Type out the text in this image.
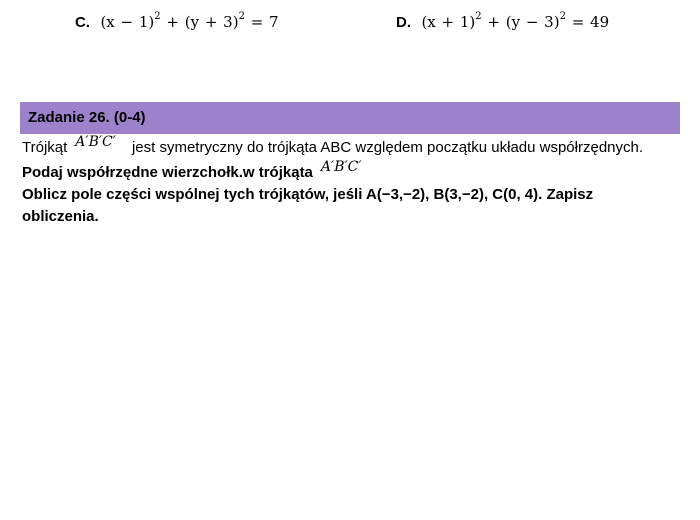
C. $(x - 1)^2 + (y + 3)^2 = 7$	D. $(x + 1)^2 + (y - 3)^2 = 49$
Zadanie 26. (0-4)
Trójkąt A′B′C′ jest symetryczny do trójkąta ABC względem początku układu współrzędnych.
Podaj współrzędne wierzchołk.w trójkąta A′B′C′
Oblicz pole części wspólnej tych trójkątów, jeśli A(−3,−2), B(3,−2), C(0, 4). Zapisz
obliczenia.
